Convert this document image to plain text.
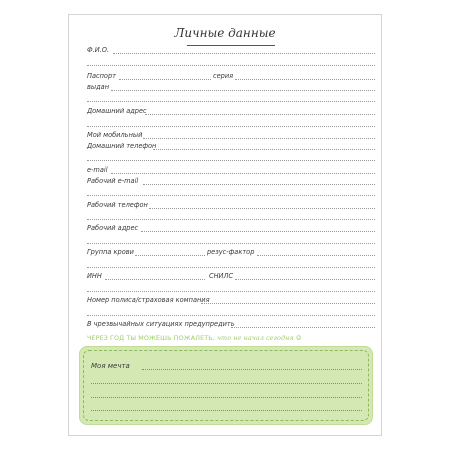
Личные данные
Ф.И.О.
Паспорт	серия
выдан
Домашний адрес
Мой мобильный
Домашний телефон
e-mail
Рабочий e-mail
Рабочий телефон
Рабочий адрес
Группа крови	резус-фактор
ИНН	СНИЛС
Номер полиса/страховая компания
В чрезвычайных ситуациях предупредить
ЧЕРЕЗ ГОД ТЫ МОЖЕШЬ ПОЖАЛЕТЬ, что не начал сегодня ☺
Моя мечта
